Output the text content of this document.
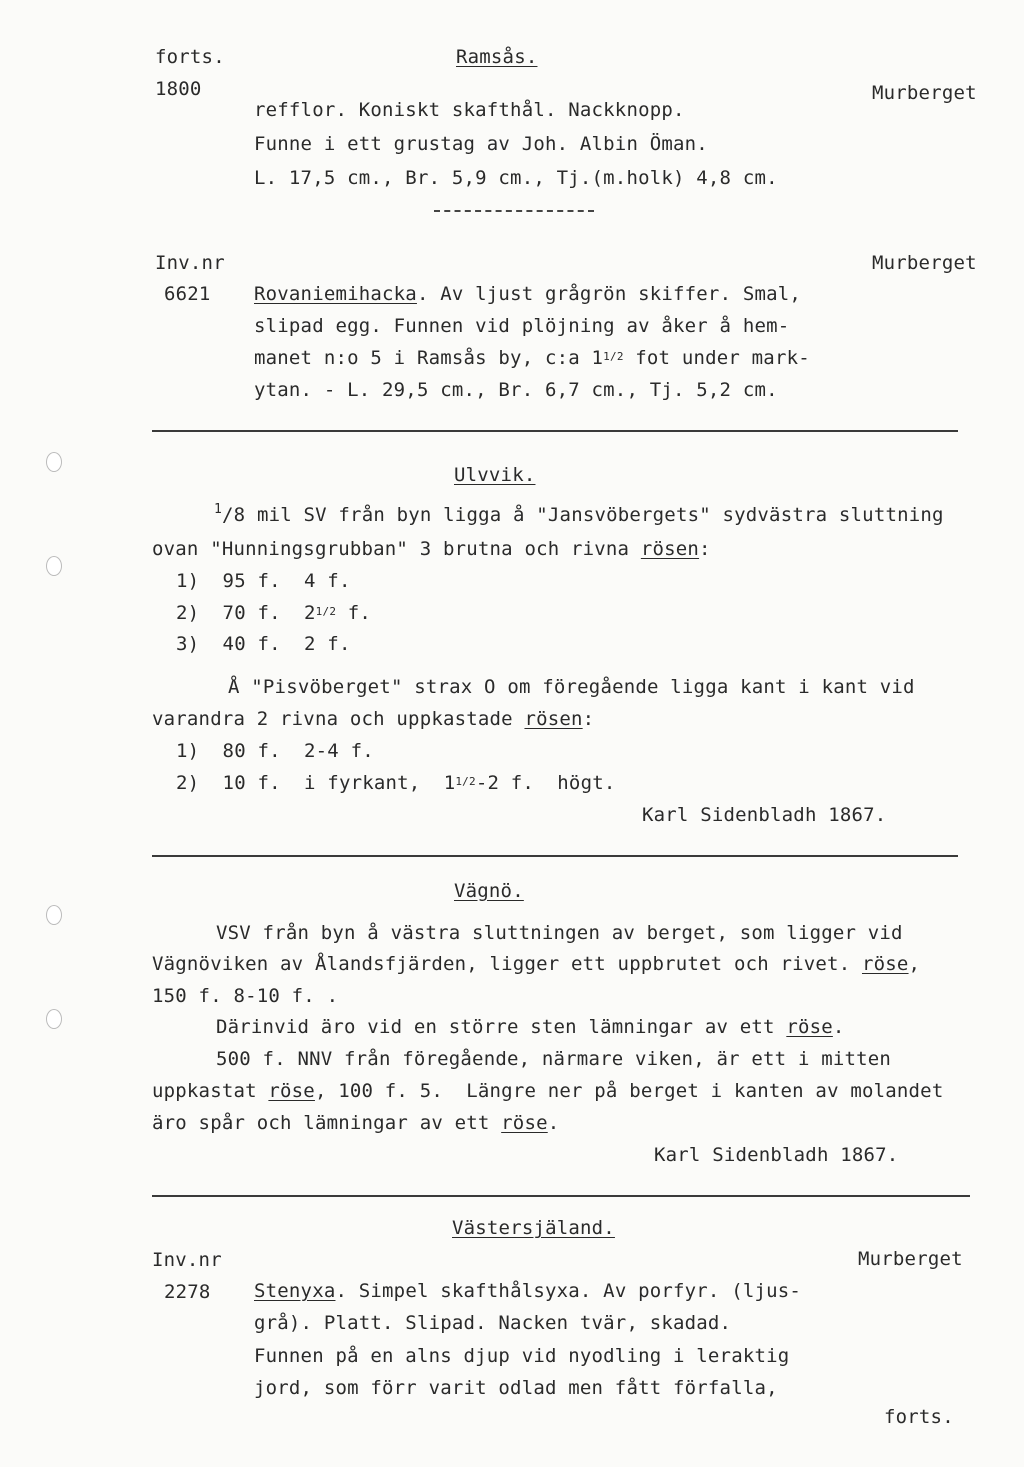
forts.	Ramsås.
1800	Murberget
refflor. Koniskt skafthål. Nackknopp.
Funne i ett grustag av Joh. Albin Öman.
L. 17,5 cm., Br. 5,9 cm., Tj.(m.holk) 4,8 cm.
Inv.nr	Murberget
6621 Rovaniemihacka. Av ljust grågrön skiffer. Smal,
slipad egg. Funnen vid plöjning av åker å hem-
manet n:o 5 i Ramsås by, c:a $1^{1/2}$ fot under mark-
ytan. - L. 29,5 cm., Br. 6,7 cm., Tj. 5,2 cm.
Ulvvik.
$^1$/8 mil SV från byn ligga å "Jansvöbergets" sydvästra sluttning
ovan "Hunningsgrubban" 3 brutna och rivna rösen:
1)  95 f.  4 f.
2)  70 f.  $2^{1/2}$ f.
3)  40 f.  2 f.
Å "Pisvöberget" strax O om föregående ligga kant i kant vid
varandra 2 rivna och uppkastade rösen:
1)  80 f.  2-4 f.
2)  10 f.  i fyrkant,  $1^{1/2}-2$ f.  högt.
Karl Sidenbladh 1867.
Vägnö.
VSV från byn å västra sluttningen av berget, som ligger vid
Vägnöviken av Ålandsfjärden, ligger ett uppbrutet och rivet. röse,
150 f. 8-10 f. .
Därinvid äro vid en större sten lämningar av ett röse.
500 f. NNV från föregående, närmare viken, är ett i mitten
uppkastat röse, 100 f. 5.  Längre ner på berget i kanten av molandet
äro spår och lämningar av ett röse.
Karl Sidenbladh 1867.
Västersjäland.
Inv.nr	Murberget
2278 Stenyxa. Simpel skafthålsyxa. Av porfyr. (ljus-
grå). Platt. Slipad. Nacken tvär, skadad.
Funnen på en alns djup vid nyodling i leraktig
jord, som förr varit odlad men fått förfalla,
forts.
